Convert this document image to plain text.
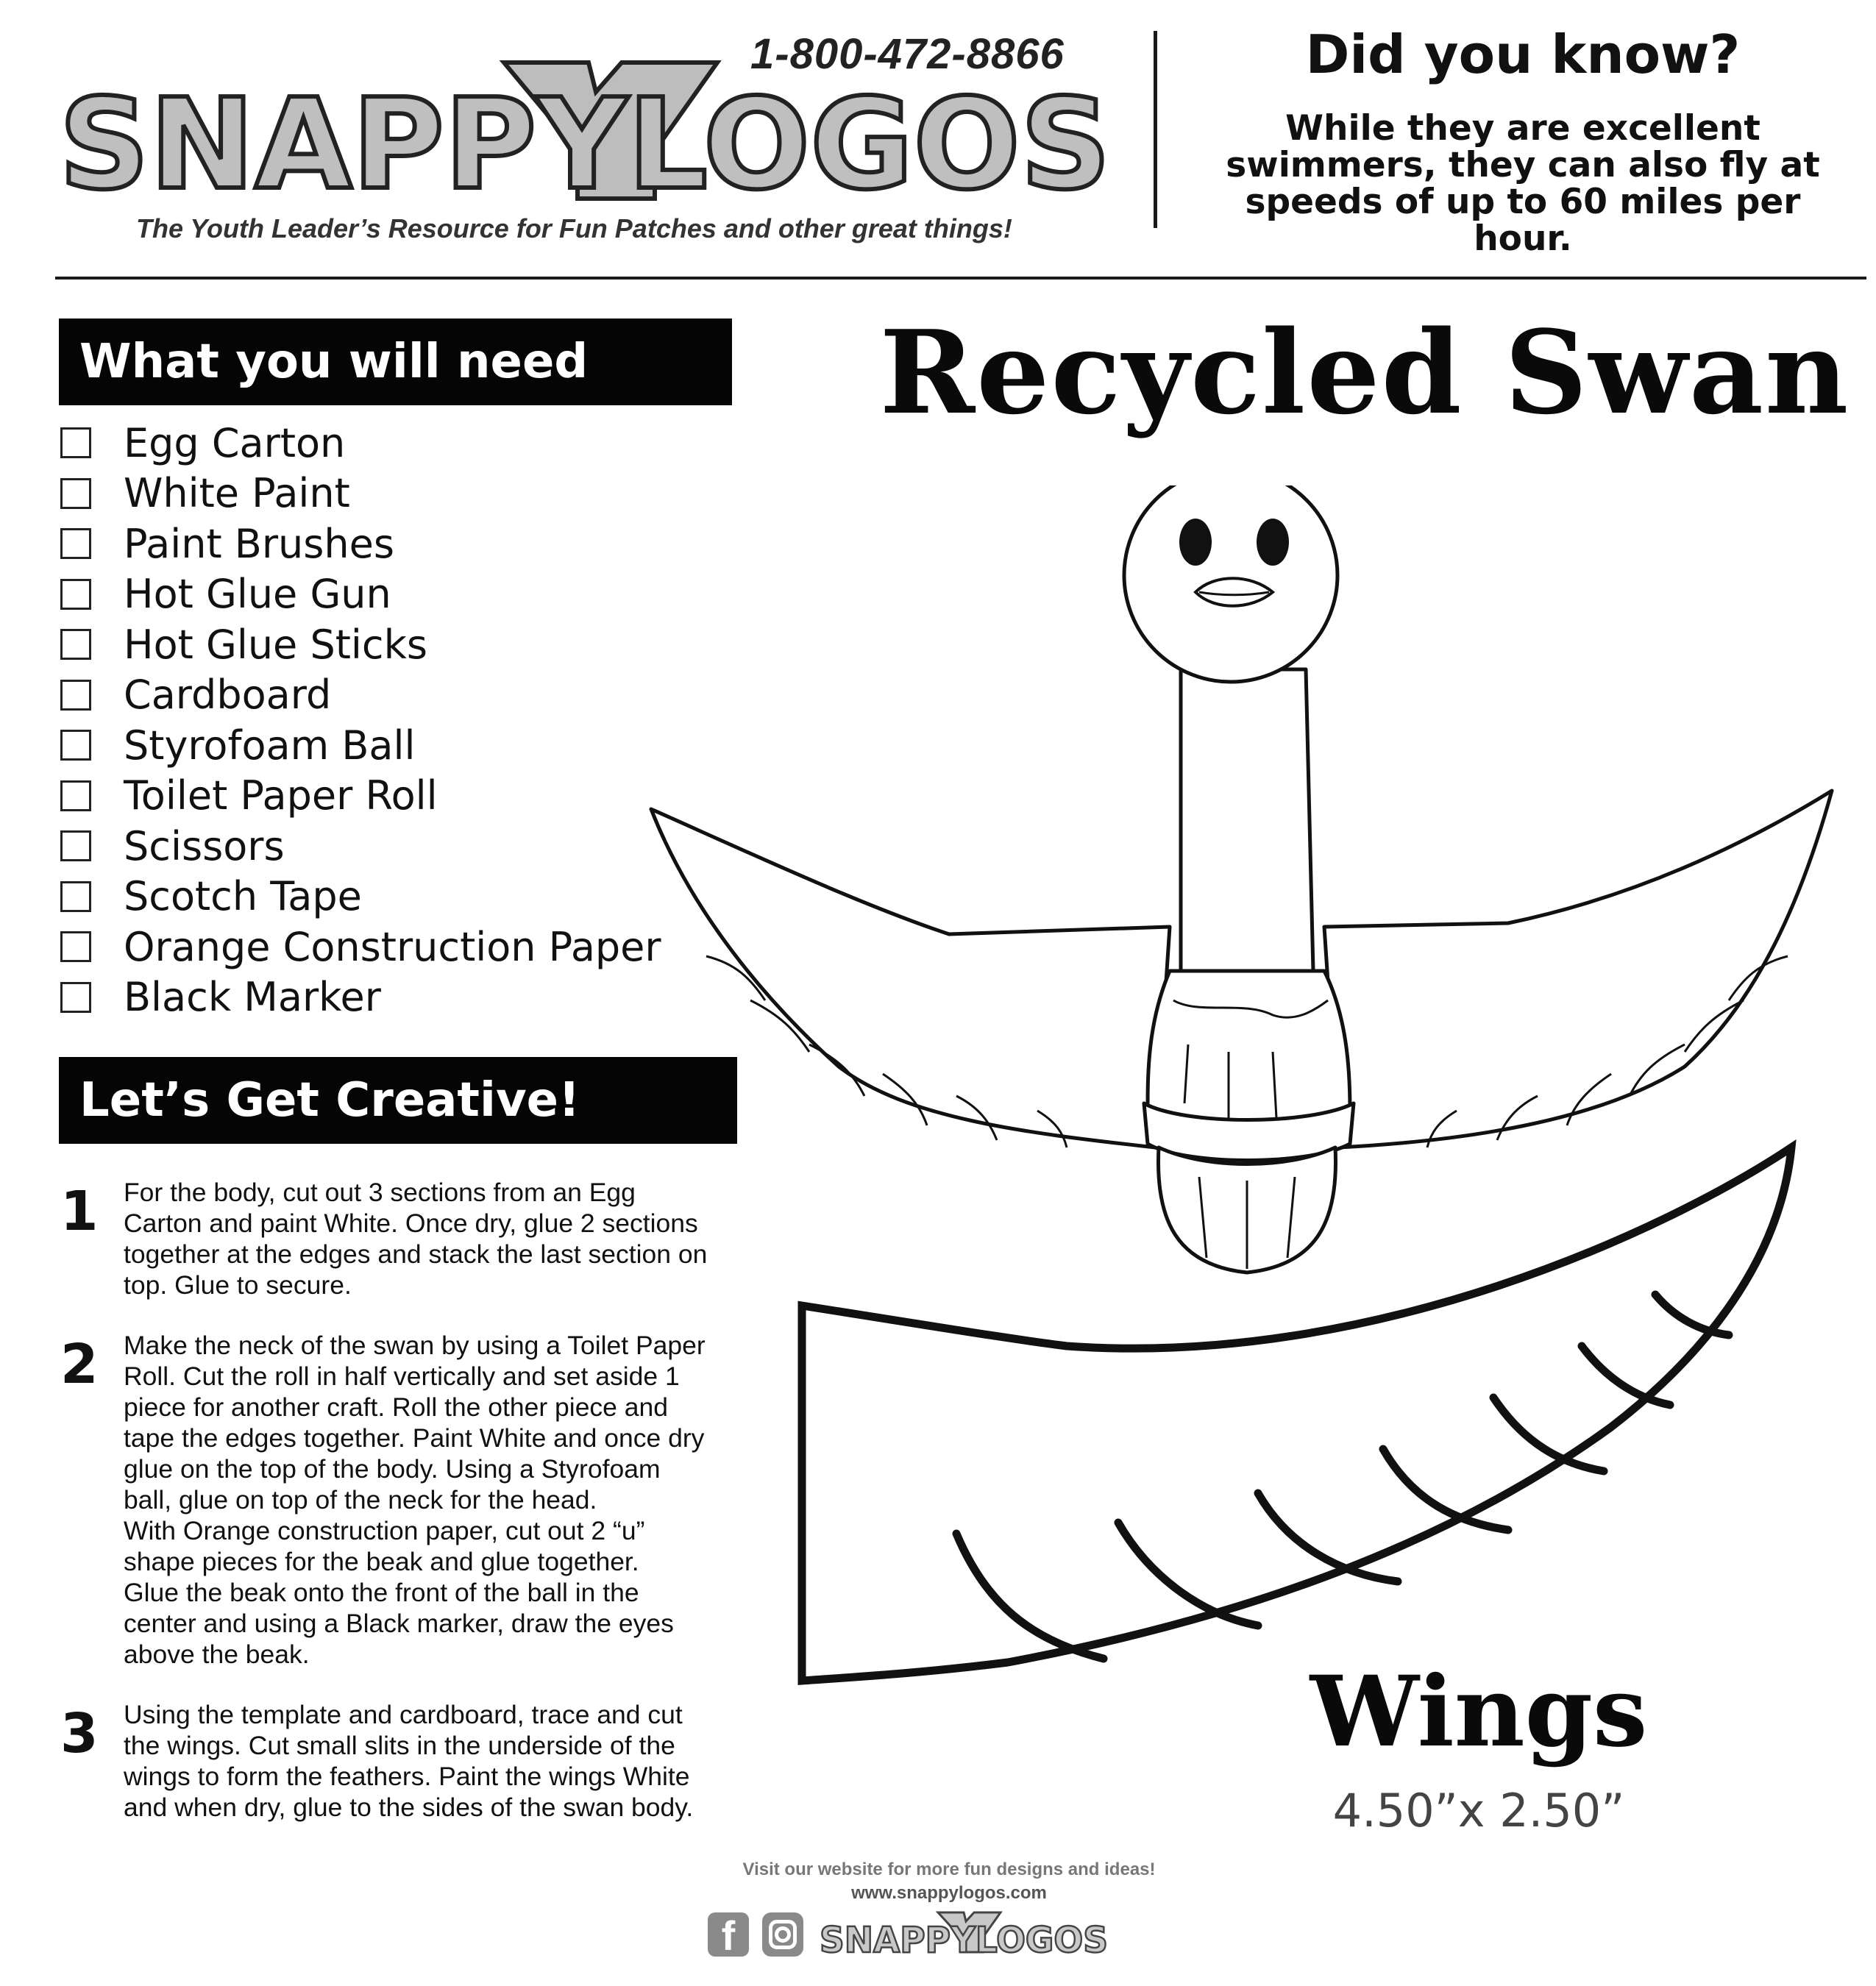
SNAPPYLOGOS
1-800-472-8866
The Youth Leader’s Resource for Fun Patches and other great things!
Did you know?
While they are excellent swimmers, they can also fly at speeds of up to 60 miles per hour.
What you will need
Egg Carton
White Paint
Paint Brushes
Hot Glue Gun
Hot Glue Sticks
Cardboard
Styrofoam Ball
Toilet Paper Roll
Scissors
Scotch Tape
Orange Construction Paper
Black Marker
Let’s Get Creative!
1 For the body, cut out 3 sections from an Egg
Carton and paint White. Once dry, glue 2 sections
together at the edges and stack the last section on
top. Glue to secure.
2 Make the neck of the swan by using a Toilet Paper
Roll. Cut the roll in half vertically and set aside 1
piece for another craft. Roll the other piece and
tape the edges together. Paint White and once dry
glue on the top of the body. Using a Styrofoam
ball, glue on top of the neck for the head.
With Orange construction paper, cut out 2 “u”
shape pieces for the beak and glue together.
Glue the beak onto the front of the ball in the
center and using a Black marker, draw the eyes
above the beak.
3 Using the template and cardboard, trace and cut
the wings. Cut small slits in the underside of the
wings to form the feathers. Paint the wings White
and when dry, glue to the sides of the swan body.
Recycled Swan
Wings
4.50”x 2.50”
Visit our website for more fun designs and ideas!
www.snappylogos.com
f SNAPPYLOGOS
